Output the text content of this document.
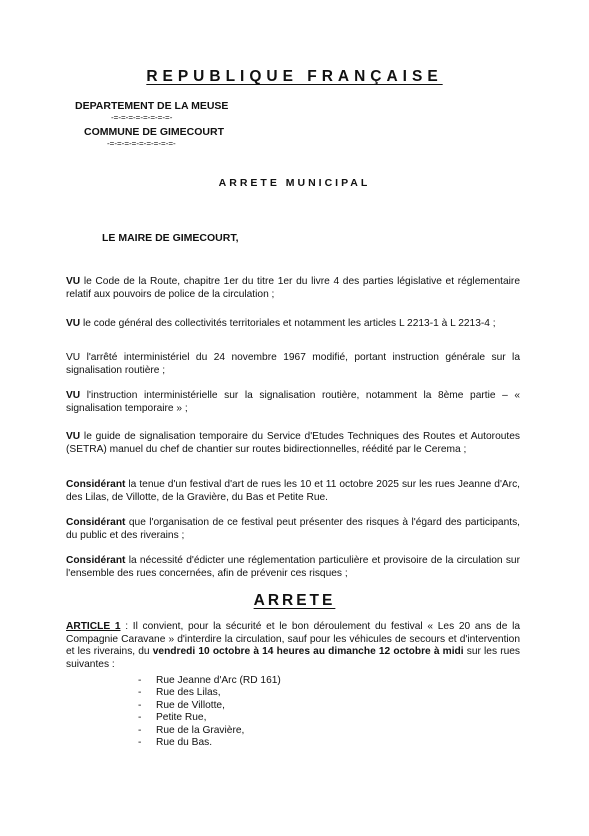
REPUBLIQUE FRANÇAISE
DEPARTEMENT DE LA MEUSE
-=-=-=-=-=-=-=-=-
COMMUNE DE GIMECOURT
-=-=-=-=-=-=-=-=-=-
ARRETE MUNICIPAL
LE MAIRE DE GIMECOURT,
VU le Code de la Route, chapitre 1er du titre 1er du livre 4 des parties législative et réglementaire relatif aux pouvoirs de police de la circulation ;
VU le code général des collectivités territoriales et notamment les articles L 2213-1 à L 2213-4 ;
VU l'arrêté interministériel du 24 novembre 1967 modifié, portant instruction générale sur la signalisation routière ;
VU l'instruction interministérielle sur la signalisation routière, notamment la 8ème partie – « signalisation temporaire » ;
VU le guide de signalisation temporaire du Service d'Etudes Techniques des Routes et Autoroutes (SETRA) manuel du chef de chantier sur routes bidirectionnelles, réédité par le Cerema ;
Considérant la tenue d'un festival d'art de rues les 10 et 11 octobre 2025 sur les rues Jeanne d'Arc, des Lilas, de Villotte, de la Gravière, du Bas et Petite Rue.
Considérant que l'organisation de ce festival peut présenter des risques à l'égard des participants, du public et des riverains ;
Considérant la nécessité d'édicter une réglementation particulière et provisoire de la circulation sur l'ensemble des rues concernées, afin de prévenir ces risques ;
ARRETE
ARTICLE 1 : Il convient, pour la sécurité et le bon déroulement du festival « Les 20 ans de la Compagnie Caravane » d'interdire la circulation, sauf pour les véhicules de secours et d'intervention et les riverains, du vendredi 10 octobre à 14 heures au dimanche 12 octobre à midi sur les rues suivantes :
- Rue Jeanne d'Arc (RD 161)
- Rue des Lilas,
- Rue de Villotte,
- Petite Rue,
- Rue de la Gravière,
- Rue du Bas.
